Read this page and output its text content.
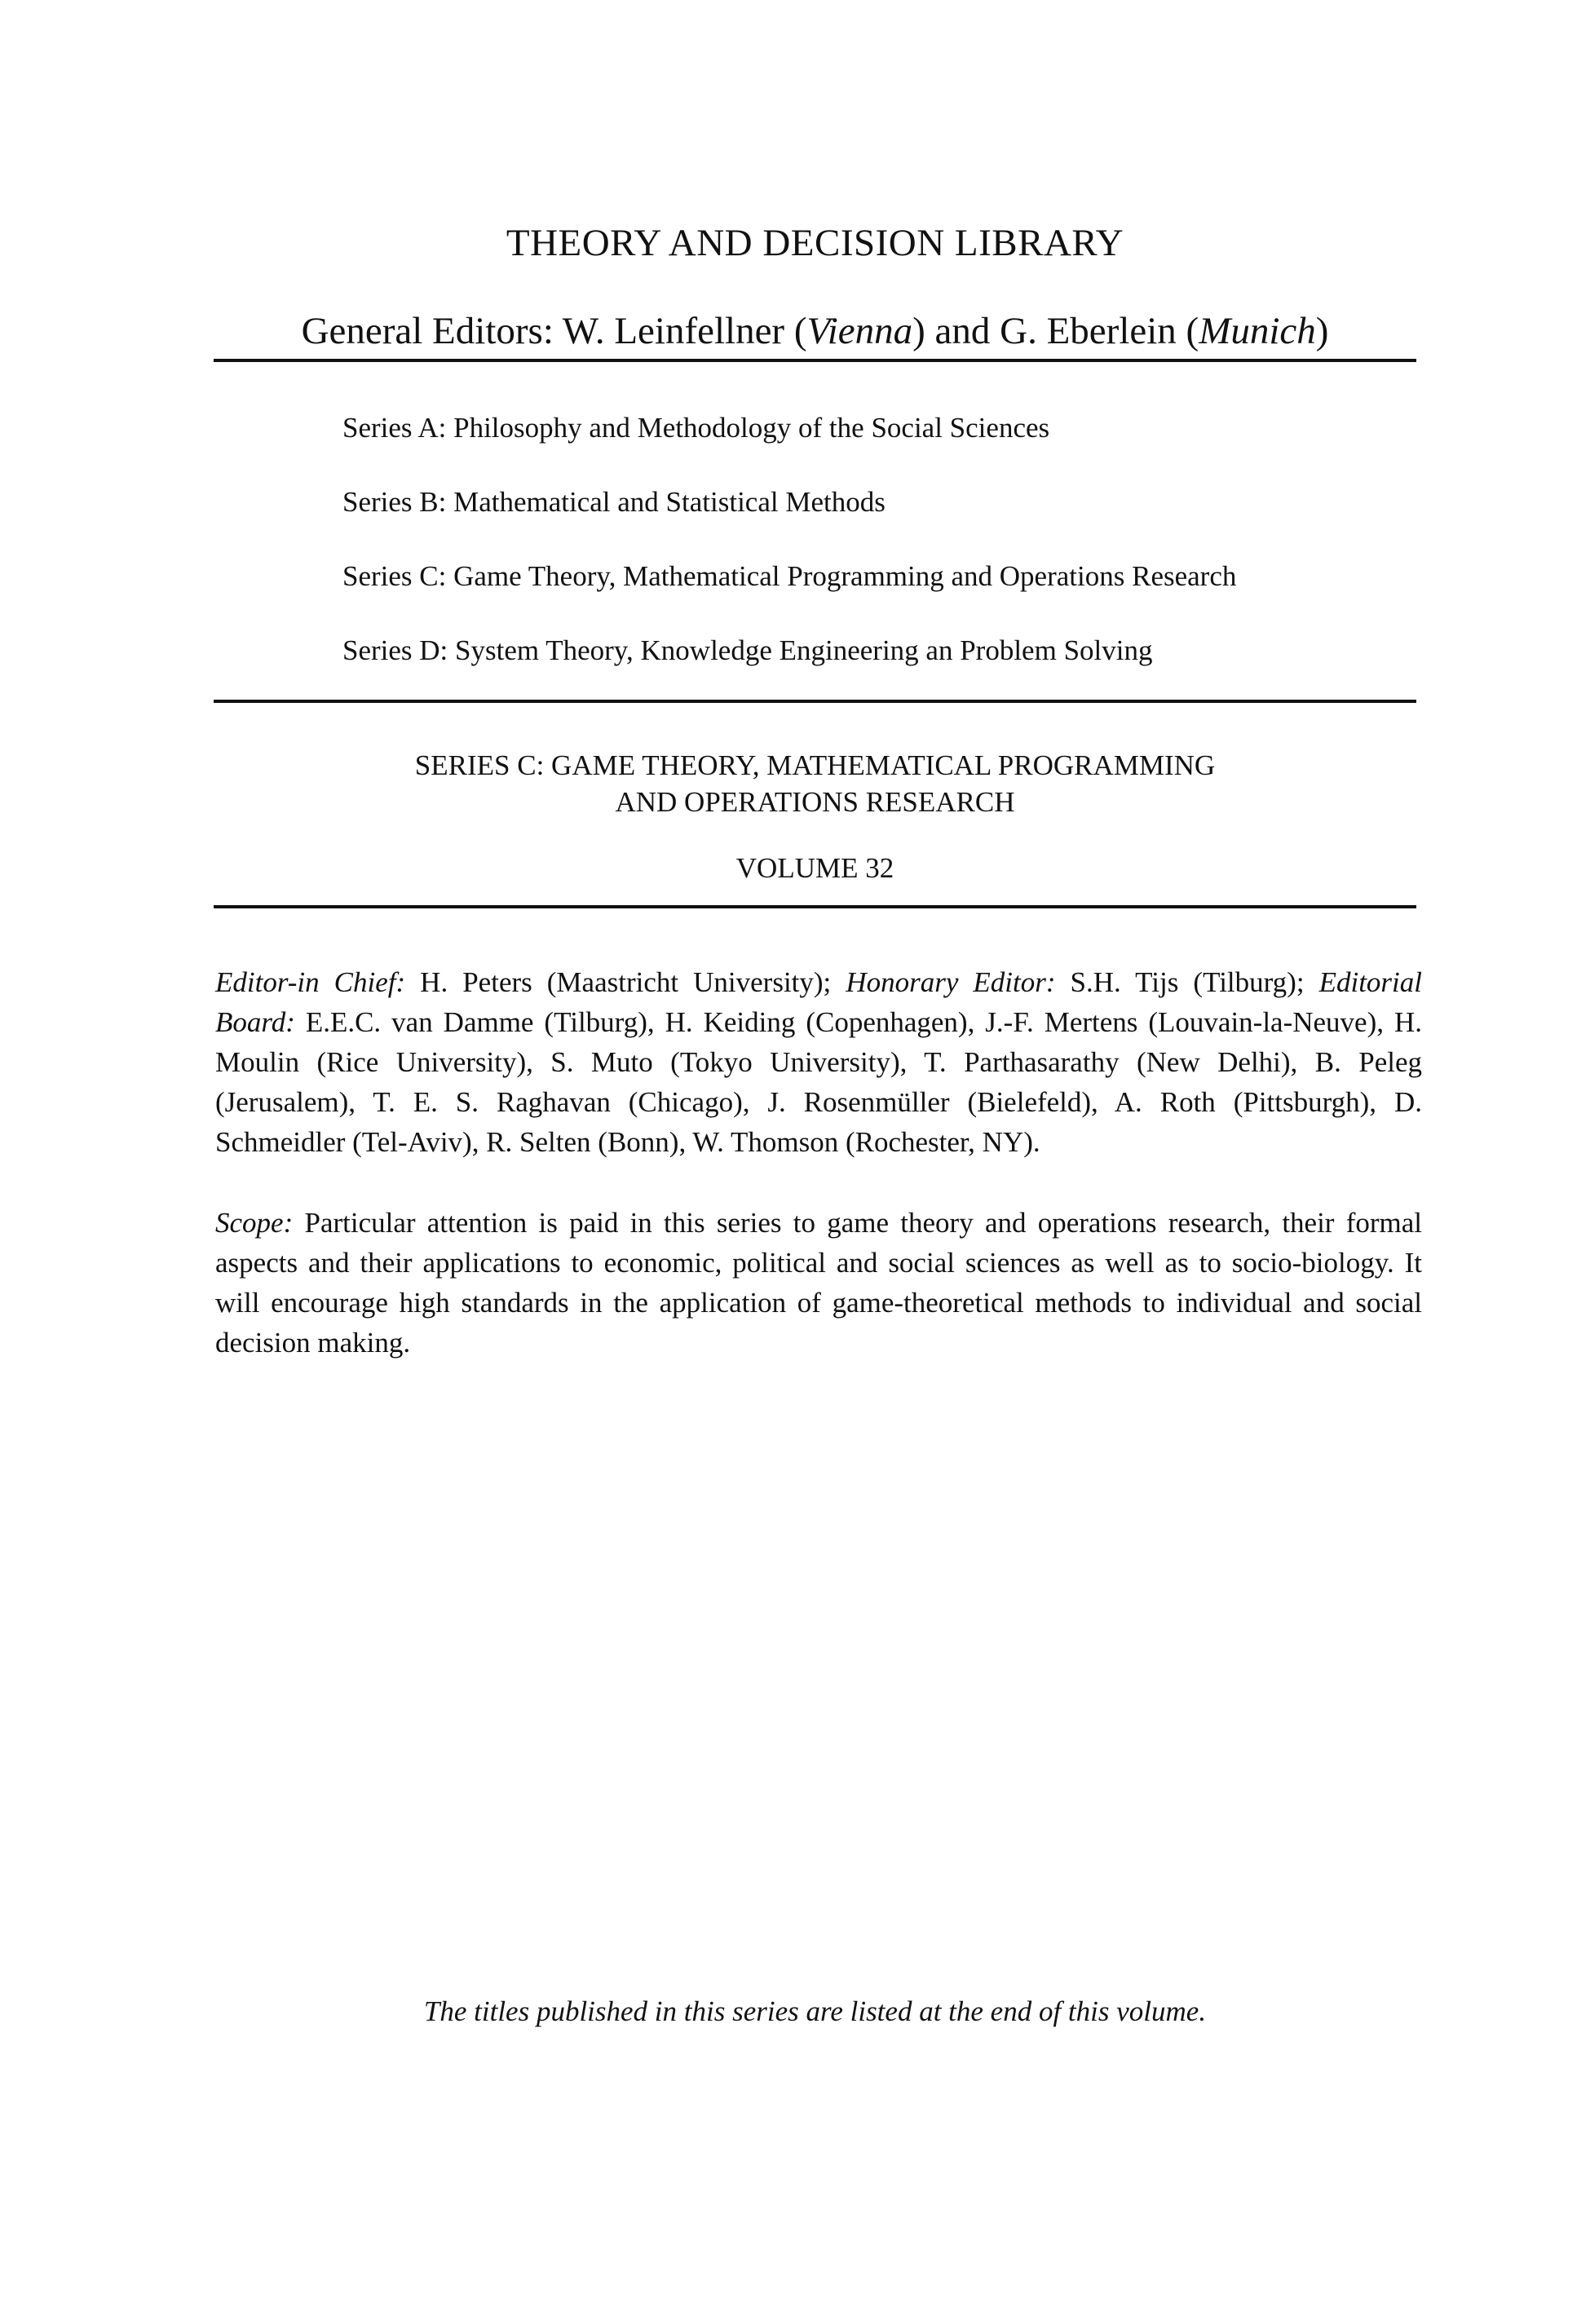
THEORY AND DECISION LIBRARY
General Editors: W. Leinfellner (Vienna) and G. Eberlein (Munich)
Series A: Philosophy and Methodology of the Social Sciences
Series B: Mathematical and Statistical Methods
Series C: Game Theory, Mathematical Programming and Operations Research
Series D: System Theory, Knowledge Engineering an Problem Solving
SERIES C: GAME THEORY, MATHEMATICAL PROGRAMMING
AND OPERATIONS RESEARCH
VOLUME 32
Editor-in Chief: H. Peters (Maastricht University); Honorary Editor: S.H. Tijs (Tilburg); Editorial Board: E.E.C. van Damme (Tilburg), H. Keiding (Copenhagen), J.-F. Mertens (Louvain-la-Neuve), H. Moulin (Rice University), S. Muto (Tokyo University), T. Parthasarathy (New Delhi), B. Peleg (Jerusalem), T. E. S. Raghavan (Chicago), J. Rosenmüller (Bielefeld), A. Roth (Pittsburgh), D. Schmeidler (Tel-Aviv), R. Selten (Bonn), W. Thomson (Rochester, NY).
Scope: Particular attention is paid in this series to game theory and operations research, their formal aspects and their applications to economic, political and social sciences as well as to socio-biology. It will encourage high standards in the application of game-theoretical methods to individual and social decision making.
The titles published in this series are listed at the end of this volume.
